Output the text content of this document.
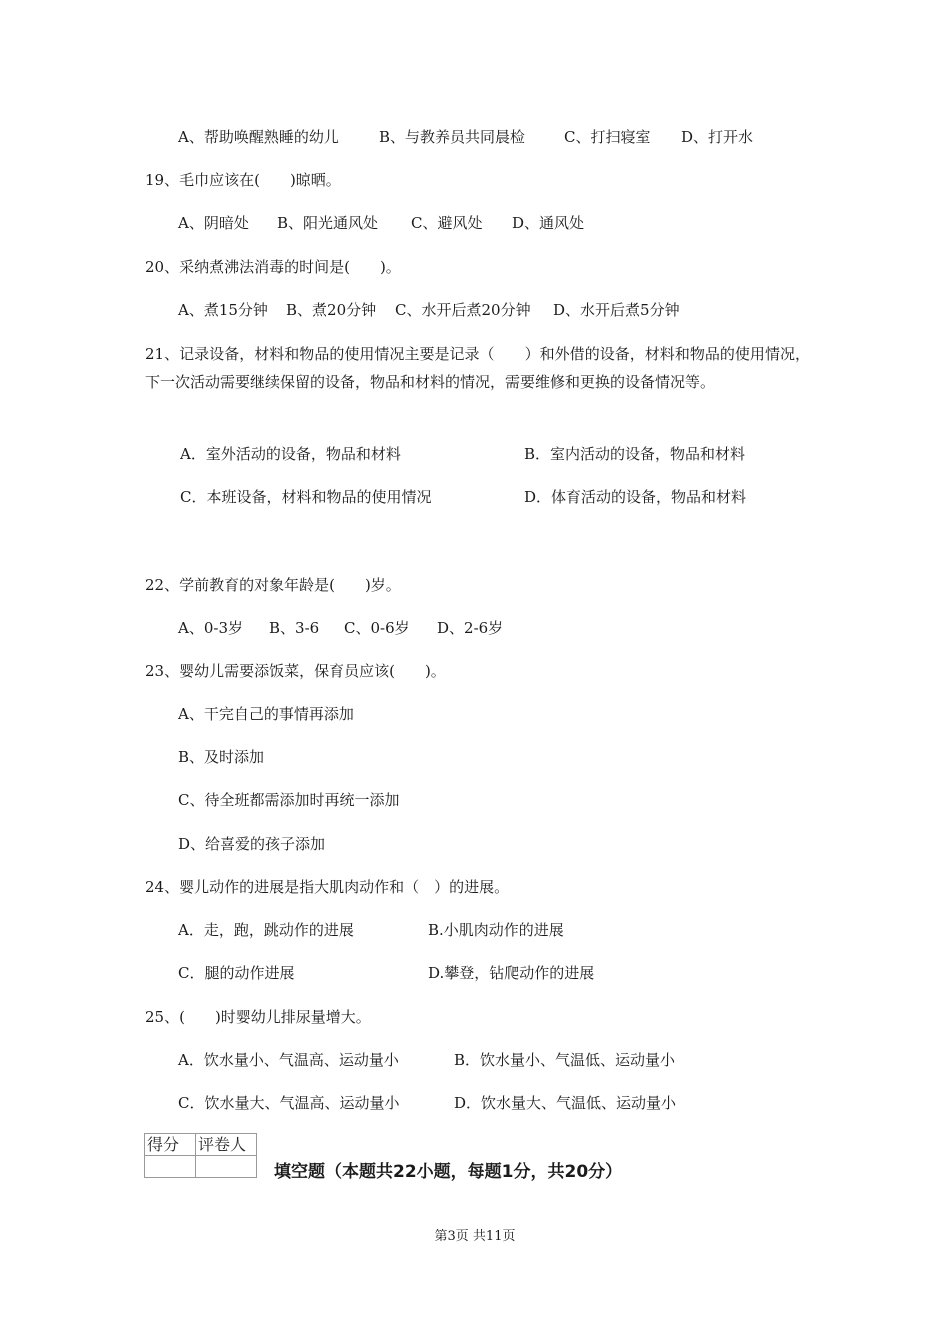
A、帮助唤醒熟睡的幼儿	B、与教养员共同晨检	C、打扫寝室 D、打开水
19、毛巾应该在(　　)晾晒。
A、阴暗处 B、阳光通风处 C、避风处 D、通风处
20、采纳煮沸法消毒的时间是(　　)。
A、煮15分钟 B、煮20分钟 C、水开后煮20分钟 D、水开后煮5分钟
21、记录设备，材料和物品的使用情况主要是记录（　　）和外借的设备，材料和物品的使用情况，下一次活动需要继续保留的设备，物品和材料的情况，需要维修和更换的设备情况等。
A．室外活动的设备，物品和材料	B．室内活动的设备，物品和材料
C．本班设备，材料和物品的使用情况	D．体育活动的设备，物品和材料
22、学前教育的对象年龄是(　　)岁。
A、0-3岁 B、3-6 C、0-6岁 D、2-6岁
23、婴幼儿需要添饭菜，保育员应该(　　)。
A、干完自己的事情再添加
B、及时添加
C、待全班都需添加时再统一添加
D、给喜爱的孩子添加
24、婴儿动作的进展是指大肌肉动作和（　）的进展。
A．走，跑，跳动作的进展	B.小肌肉动作的进展
C．腿的动作进展	D.攀登，钻爬动作的进展
25、(　　)时婴幼儿排尿量增大。
A．饮水量小、气温高、运动量小	B．饮水量小、气温低、运动量小
C．饮水量大、气温高、运动量小	D．饮水量大、气温低、运动量小
得分	评卷人

填空题（本题共22小题，每题1分，共20分）
第3页 共11页
